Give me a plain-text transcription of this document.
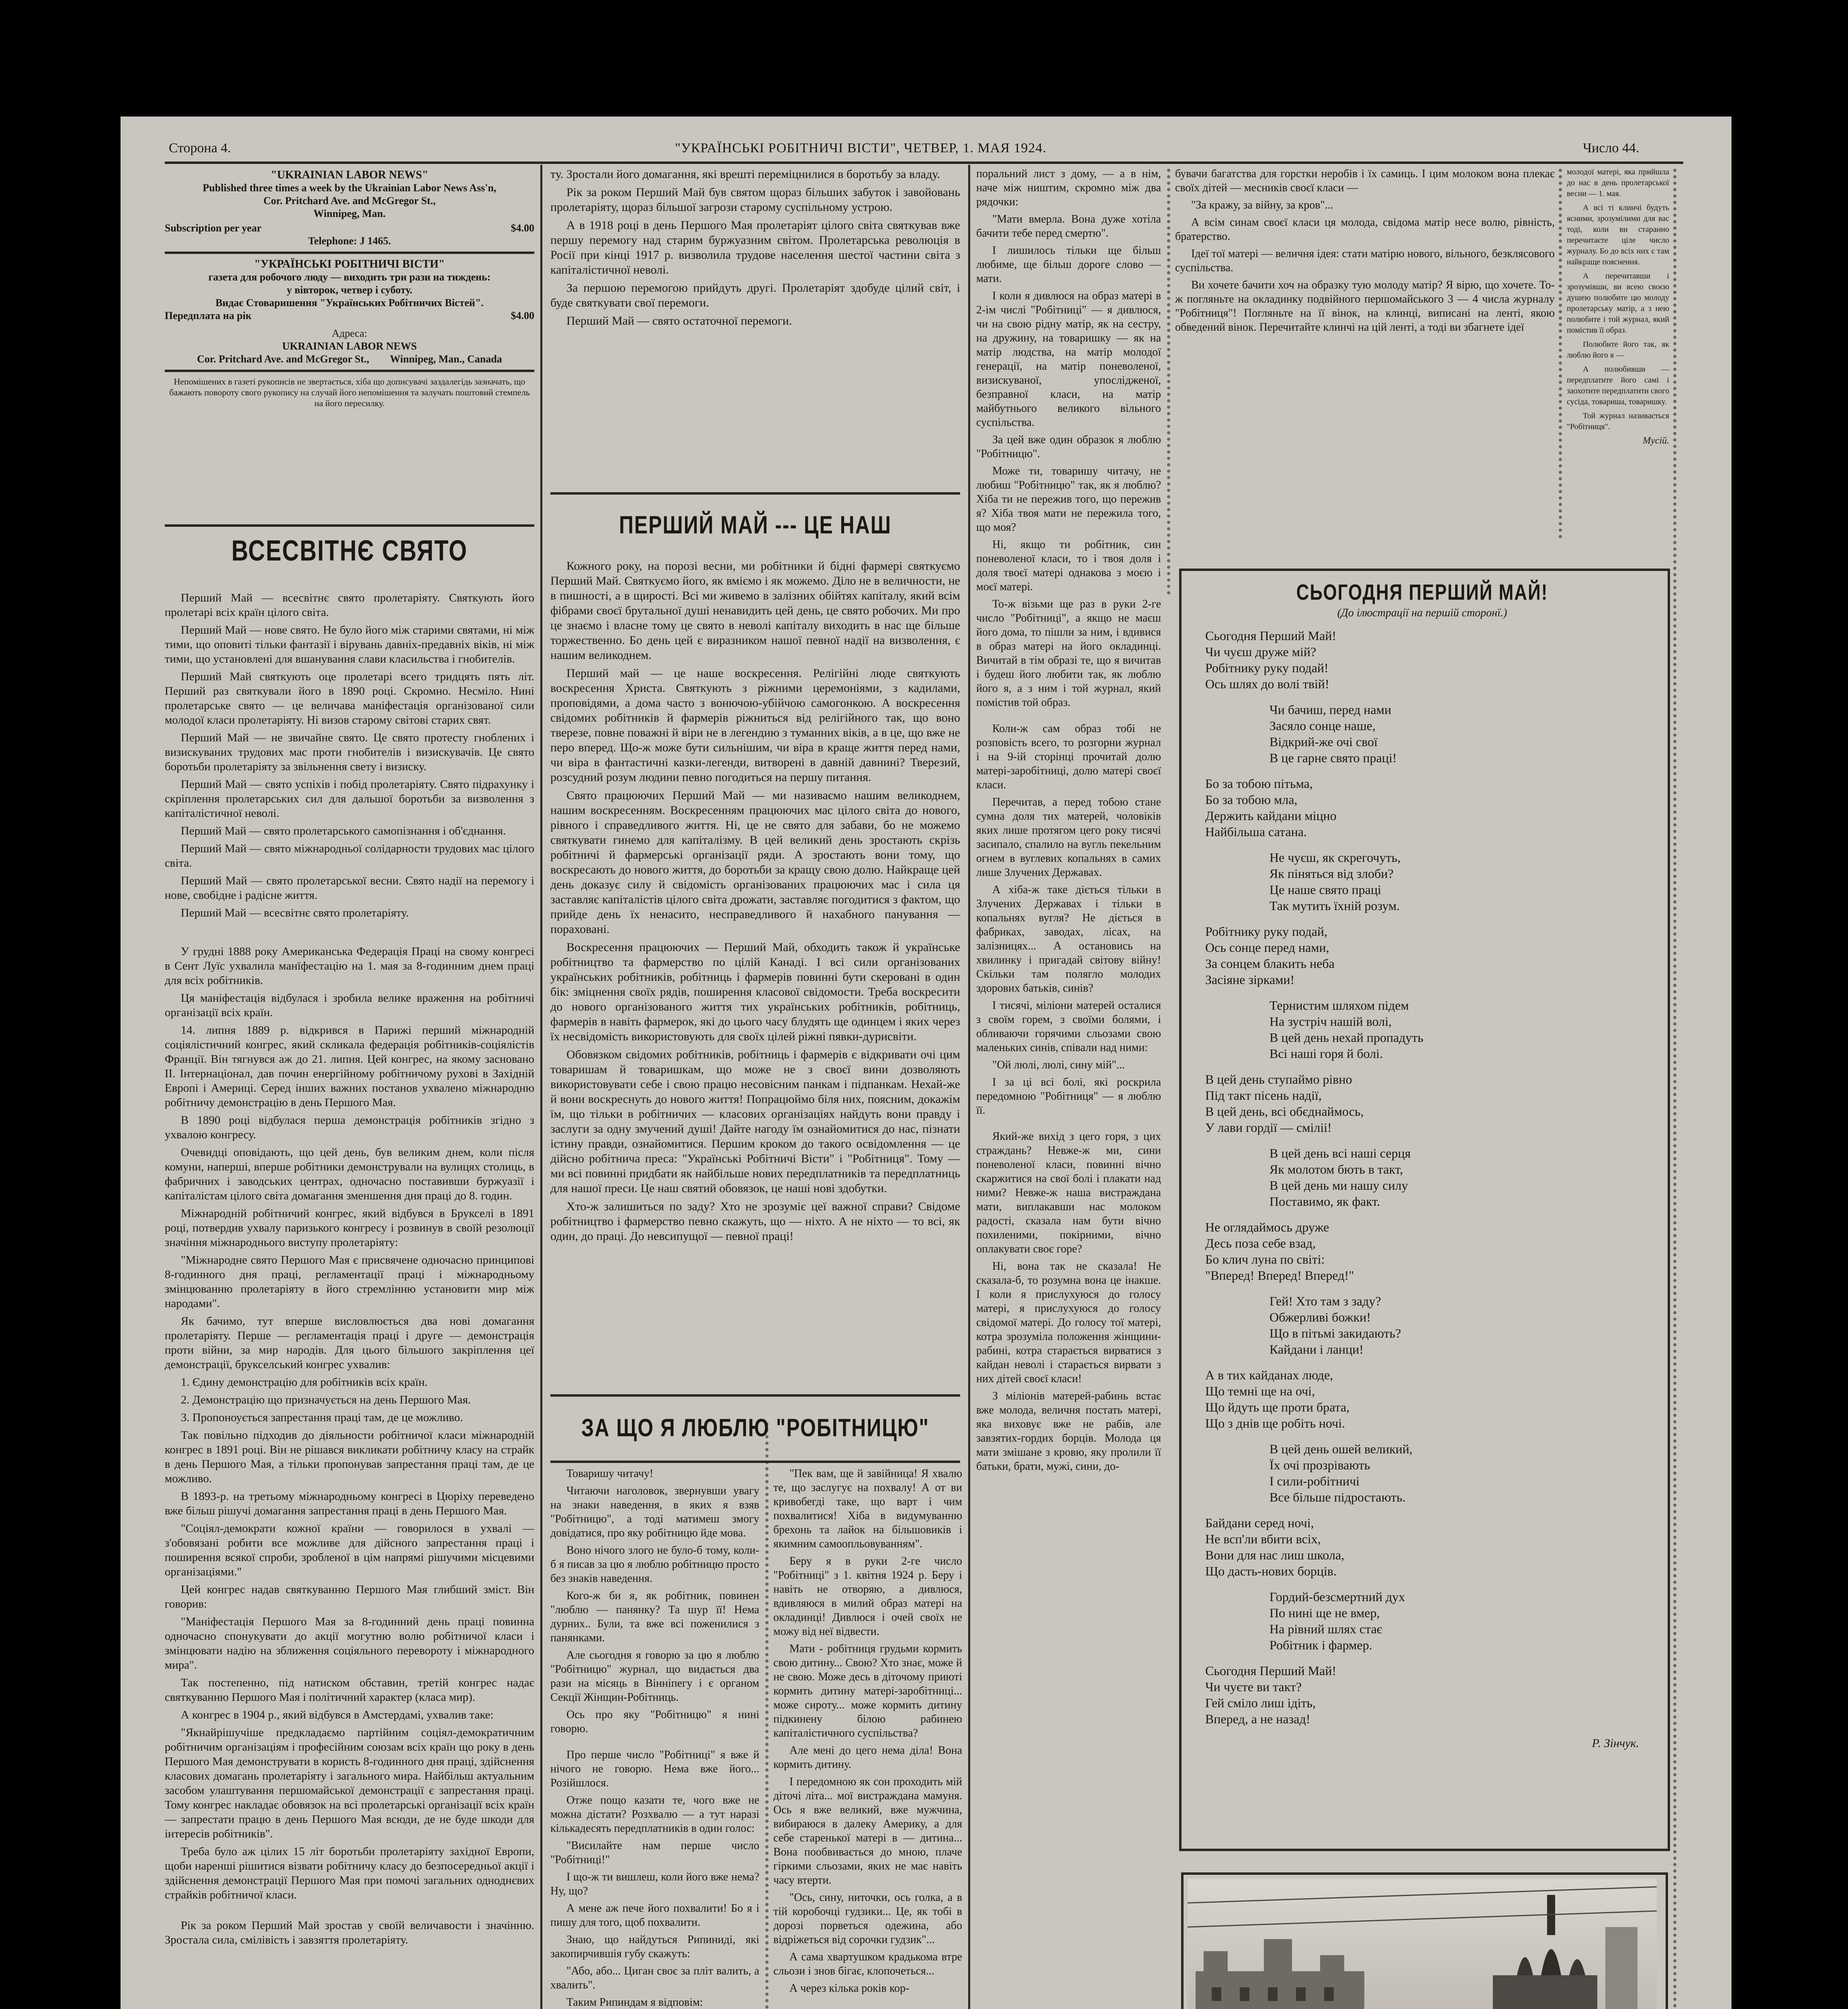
Сторона 4.	"УКРАЇНСЬКІ РОБІТНИЧІ ВІСТИ", ЧЕТВЕР, 1. МАЯ 1924.	Число 44.
"UKRAINIAN LABOR NEWS"
Published three times a week by the Ukrainian Labor News Ass'n,
Cor. Pritchard Ave. and McGregor St.,
Winnipeg, Man.
Subscription per year	$4.00
Telephone: J 1465.
"УКРАЇНСЬКІ РОБІТНИЧІ ВІСТИ"
газета для робочого люду — виходить три рази на тиждень:
у вівторок, четвер і суботу.
Видає Стоваришення "Українських Робітничих Вістей".
Передплата на рік	$4.00
Адреса:
UKRAINIAN LABOR NEWS
Cor. Pritchard Ave. and McGregor St.,        Winnipeg, Man., Canada
Непомішених в газеті рукописів не звертається, хіба що дописувачі заздалегідь зазначать, що бажають повороту свого рукопису на случай його непомішення та залучать поштовий стемпель на його пересилку.
ВСЕСВІТНЄ СВЯТО

Перший Май — всесвітнє свято пролетаріяту. Святкують його пролетарі всіх країн цілого світа.

Перший Май — нове свято. Не було його між старими святами, ні між тими, що оповиті тільки фантазії і вірувань давніх-предавніх віків, ні між тими, що установлені для вшанування слави класильства і гнобителів.

Перший Май святкують оце пролетарі всего тридцять пять літ. Перший раз святкували його в 1890 році. Скромно. Несміло. Нині пролетарське свято — це величава маніфестація організованої сили молодої класи пролетаріяту. Ні визов старому світові старих свят.

Перший Май — не звичайне свято. Це свято протесту гноблених і визискуваних трудових мас проти гнобителів і визискувачів. Це свято боротьби пролетаріяту за звільнення свету і визиску.

Перший Май — свято успіхів і побід пролетаріяту. Свято підрахунку і скріплення пролетарських сил для дальшої боротьби за визволення з капіталістичної неволі.

Перший Май — свято пролетарського самопізнання і об'єднання.

Перший Май — свято міжнародньої солідарности трудових мас цілого світа.

Перший Май — свято пролетарської весни. Свято надії на перемогу і нове, свобідне і радісне життя.

Перший Май — всесвітнє свято пролетаріяту.

У грудні 1888 року Американська Федерація Праці на свому конгресі в Сент Луїс ухвалила манїфестацію на 1. мая за 8-годинним днем праці для всіх робітників.

Ця маніфестація відбулася і зробила велике враження на робітничі організації всіх країн.

14. липня 1889 р. відкрився в Парижі перший міжнародній соціялістичний конгрес, який скликала федерація робітників-соціялістів Франції. Він тягнувся аж до 21. липня. Цей конгрес, на якому засновано II. Інтернаціонал, дав почин енергійному робітничому рухові в Західній Европі і Америці. Серед інших важних постанов ухвалено міжнародню робітничу демонстрацію в день Першого Мая.

В 1890 році відбулася перша демонстрація робітників згідно з ухвалою конгресу.

Очевидці оповідають, що цей день, був великим днем, коли після комуни, наперші, вперше робітники демонстрували на вулицях столиць, в фабричних і заводських центрах, одночасно поставивши буржуазії і капіталістам цілого світа домагання зменшення дня праці до 8. годин.

Міжнародній робітничий конгрес, який відбувся в Брукселі в 1891 році, потвердив ухвалу паризького конгресу і розвинув в своїй резолюції значіння міжнароднього виступу пролетаріяту:

"Міжнародне свято Першого Мая є присвячене одночасно принципові 8-годинного дня праці, регламентації праці і міжнародньому змінцюванню пролетаріяту в його стремлінню установити мир між народами".

Як бачимо, тут вперше висловлюється два нові домагання пролетаріяту. Перше — регламентація праці і друге — демонстрація проти війни, за мир народів. Для цього більшого закріплення цеї демонстрації, брукселський конгрес ухвалив:

1. Єдину демонстрацію для робітників всіх країн.

2. Демонстрацію що призначується на день Першого Мая.

3. Пропоноується запрестання праці там, де це можливо.

Так повільно підходив до діяльности робітничої класи міжнародній конгрес в 1891 році. Він не рішався викликати робітничу класу на страйк в день Першого Мая, а тільки пропонував запрестання праці там, де це можливо.

В 1893-р. на третьому міжнародньому конгресі в Цюріху переведено вже більш рішучі домагання запрестання праці в день Першого Мая.

"Соціял-демократи кожної країни — говорилося в ухвалі — з'обовязані робити все можливе для дійсного запрестання праці і поширення всякої спроби, зробленої в цім напрямі рішучими місцевими організаціями."

Цей конгрес надав святкуванню Першого Мая глибший зміст. Він говорив:

"Маніфестація Першого Мая за 8-годинний день праці повинна одночасно спонукувати до акції могутню волю робітничої класи і змінцювати надію на зближення соціяльного перевороту і міжнародного мира".

Так постепенно, під натиском обставин, третій конгрес надає святкуванню Першого Мая і політичний характер (класа мир).

А конгрес в 1904 р., який відбувся в Амстердамі, ухвалив таке:

"Якнайрішучіше предкладаємо партійним соціял-демократичним робітничим організаціям і професійним союзам всіх країн що року в день Першого Мая демонструвати в користь 8-годинного дня праці, здійснення класових домагань пролетаріяту і загального мира. Найбільш актуальним засобом улаштування першомайської демонстрації є запрестання праці. Тому конгрес накладає обовязок на всі пролетарські організації всіх країн — запрестати працю в день Першого Мая всюди, де не буде шкоди для інтересів робітників".

Треба було аж цілих 15 літ боротьби пролетаріяту західної Европи, щоби наренші рішитися візвати робітничу класу до безпосередньої акції і здійснення демонстрації Першого Мая при помочі загальних одноднєвих страйків робітничої класи.

Рік за роком Перший Май зростав у своїй величавости і значінню. Зростала сила, смілівість і завзяття пролетаріяту.

ту. Зростали його домагання, які врешті переміцнилися в боротьбу за владу.

Рік за роком Перший Май був святом щораз більших забуток і завойовань пролетаріяту, щораз більшої загрози старому суспільному устрою.

А в 1918 році в день Першого Мая пролетаріят цілого світа святкував вже першу перемогу над старим буржуазним світом. Пролетарська революція в Росії при кінці 1917 р. визволила трудове населення шестої частини світа з капіталістичної неволі.

За першою перемогою прийдуть другі. Пролетаріят здобуде цілий світ, і буде святкувати свої перемоги.

Перший Май — свято остаточної перемоги.

ПЕРШИЙ МАЙ --- ЦЕ НАШ

Кожного року, на порозі весни, ми робітники й бідні фармері святкуємо Перший Май. Святкуємо його, як вміємо і як можемо. Діло не в величности, не в пишності, а в щирості. Всі ми живемо в залізних обійтях капіталу, який всім фібрами своєї брутальної душі ненавидить цей день, це свято робочих. Ми про це знаємо і власне тому це свято в неволі капіталу виходить в нас ще більше торжественно. Бо день цей є виразником нашої певної надії на визволення, є нашим великоднем.

Перший май — це наше воскресення. Релігійні люде святкують воскресення Христа. Святкують з ріжними церемоніями, з кадилами, проповідями, а дома часто з вонючою-убійчою самогонкою. А воскресення свідомих робітників й фармерів ріжниться від релігійного так, що воно тверезе, повне поважні й віри не в легендию з туманних віків, а в це, що вже не перо вперед. Що-ж може бути сильнішим, чи віра в краще життя перед нами, чи віра в фантастичні казки-легенди, витворені в давній давнині? Тверезий, розсудний розум людини певно погодиться на першу питання.

Свято працюючих Перший Май — ми називаємо нашим великоднем, нашим воскресенням. Воскресенням працюючих мас цілого світа до нового, рівного і справедливого життя. Ні, це не свято для забави, бо не можемо святкувати гинемо для капіталізму. В цей великий день зростають скрізь робітничі й фармерські організації ряди. А зростають вони тому, що воскресають до нового життя, до боротьби за кращу свою долю. Найкраще цей день доказує силу й свідомість організованих працюючих мас і сила ця заставляє капіталістів цілого світа дрожати, заставляє погодитися з фактом, що прийде день їх ненасито, несправедливого й нахабного панування — пораховані.

Воскресення працюючих — Перший Май, обходить також й українське робітництво та фармерство по цілій Канаді. І всі сили організованих українських робітників, робітниць і фармерів повинні бути скеровані в один бік: зміцнення своїх рядів, поширення класової свідомости. Треба воскресити до нового організованого життя тих українських робітників, робітниць, фармерів в навіть фармерок, які до цього часу блудять ще одинцем і яких через їх несвідомість використовують для своїх цілей ріжні пявки-дурисвіти.

Обовязком свідомих робітників, робітниць і фармерів є відкривати очі цим товаришам й товаришкам, що може не з своєї вини дозволяють використовувати себе і свою працю несовісним панкам і підпанкам. Нехай-же й вони воскреснуть до нового життя! Попрацюймо біля них, поясним, докажім їм, що тільки в робітничих — класових організаціях найдуть вони правду і заслуги за одну змучений душі! Дайте нагоду їм ознайомитися до нас, пізнати істину правди, ознайомитися. Першим кроком до такого освідомлення — це дійсно робітнича преса: "Українські Робітничі Вісти" і "Робітниця". Тому — ми всі повинні придбати як найбільше нових передплатників та передплатниць для нашої преси. Це наш святий обовязок, це наші нові здобутки.

Хто-ж залишиться по заду? Хто не зрозуміє цеї важної справи? Свідоме робітництво і фармерство певно скажуть, що — ніхто. А не ніхто — то всі, як один, до праці. До невсипущої — певної праці!

ЗА ЩО Я ЛЮБЛЮ "РОБІТНИЦЮ"

Товаришу читачу!

Читаючи наголовок, звернувши увагу на знаки наведення, в яких я взяв "Робітницю", а тоді матимеш змогу довідатися, про яку робітницю йде мова.

Воно нічого злого не було-б тому, коли-б я писав за цю я люблю робітницю просто без знаків наведення.

Кого-ж би я, як робітник, повинен "люблю — панянку? Та шур її! Нема дурних.. Були, та вже всі поженилися з панянками.

Але сьогодня я говорю за цю я люблю "Робітницю" журнал, що видається два рази на місяць в Вінніпегу і є органом Секції Жінщин-Робітниць.

Ось про яку "Робітницю" я нині говорю.

Про перше число "Робітниці" я вже й нічого не говорю. Нема вже його... Розійшлося.

Отже пощо казати те, чого вже не можна дістати? Розхвалю — а тут наразі кількадесять передплатників в один голос:

"Висилайте нам перше число "Робітниці!"

І що-ж ти вишлеш, коли його вже нема? Ну, що?

А мене аж пече його похвалити! Бо я і пишу для того, щоб похвалити.

Знаю, що найдуться Рипиниді, які закопирчившія губу скажуть:

"Або, або... Циган своє за пліт валить, а хвалить".

Таким Рипиндам я відповім:

"Пек вам, ще й завійница! Я хвалю те, що заслугує на похвалу! А от ви кривобегді таке, що варт і чим похвалитися! Хіба в видумуванню брехонь та лайок на більшовиків і якимним самоопльовуванням".

Беру я в руки 2-ге число "Робітниці" з 1. квітня 1924 р. Беру і навіть не отворяю, а дивлюся, вдивляюся в милий образ матері на окладинці! Дивлюся і очей своїх не можу від неї відвести.

Мати - робітниця грудьми кормить свою дитину... Свою? Хто знає, може й не свою. Може десь в діточому приюті кормить дитину матері-заробітниці... може сироту... може кормить дитину підкинену білою рабинею капіталістичного суспільства?

Але мені до цего нема діла! Вона кормить дитину.

І передомною як сон проходить мій діточі літа... мої вистраждана мамуня. Ось я вже великий, вже мужчина, вибираюся в далеку Америку, а для себе старенької матері в — дитина... Вона пообвивається до мною, плаче гіркими сльозами, яких не має навіть часу втерти.

"Ось, сину, ниточки, ось голка, а в тій коробочці гудзики... Це, як тобі в дорозі порветься одежина, або відріжеться від сорочки гудзик"...

А сама хвартушком крадькома втре сльози і знов бігає, клопочеться...

А через кілька років кор-

поральний лист з дому, — а в нім, наче між ништим, скромно між два рядочки:

"Мати вмерла. Вона дуже хотіла бачити тебе перед смертю".

І лишилось тільки ще більш любиме, ще більш дороге слово — мати.

І коли я дивлюся на образ матері в 2-ім числі "Робітниці" — я дивлюся, чи на свою рідну матір, як на сестру, на дружину, на товаришку — як на матір людства, на матір молодої генерації, на матір поневоленої, визискуваної, упослідженої, безправної класи, на матір майбутнього великого вільного суспільства.

За цей вже один образок я люблю "Робітницю".

Може ти, товаришу читачу, не любиш "Робітницю" так, як я люблю? Хіба ти не пережив того, що пережив я? Хіба твоя мати не пережила того, що моя?

Ні, якщо ти робітник, син поневоленої класи, то і твоя доля і доля твоєї матері однакова з моєю і моєї матері.

То-ж візьми ще раз в руки 2-ге число "Робітниці", а якщо не маєш його дома, то пішли за ним, і вдивися в образ матері на його окладинці. Вичитай в тім образі те, що я вичитав і будеш його любити так, як люблю його я, а з ним і той журнал, який помістив той образ.

Коли-ж сам образ тобі не розповість всего, то розгорни журнал і на 9-ій сторінці прочитай долю матері-заробітниці, долю матері своєї класи.

Перечитав, а перед тобою стане сумна доля тих матерей, чоловіків яких лише протягом цего року тисячі засипало, спалило на вугль пекельним огнем в вуглевих копальнях в самих лише Злучених Державах.

А хіба-ж таке діється тільки в Злучених Державах і тільки в копальнях вугля? Не діється в фабриках, заводах, лісах, на залізницях... А остановись на хвилинку і пригадай світову війну! Скільки там полягло молодих здорових батьків, синів?

І тисячі, міліони матерей осталися з своїм горем, з своїми болями, і обливаючи горячими сльозами свою маленьких синів, співали над ними:

"Ой люлі, люлі, сину мій"...

І за ці всі болі, які роскрила передомною "Робітниця" — я люблю її.

Який-же вихід з цего горя, з цих страждань? Невже-ж ми, сини поневоленої класи, повинні вічно скаржитися на свої болі і плакати над ними? Невже-ж наша вистраждана мати, виплакавши нас молоком радості, сказала нам бути вічно похиленими, покірними, вічно оплакувати своє горе?

Ні, вона так не сказала! Не сказала-б, то розумна вона це інакше. І коли я прислухуюся до голосу матері, я прислухуюся до голосу свідомої матері. До голосу тої матері, котра зрозуміла положення жінщини-рабині, котра старається вирватися з кайдан неволі і старається вирвати з них дітей своєї класи!

З міліонів матерей-рабинь встає вже молода, величня постать матері, яка виховує вже не рабів, але завзятих-гордих борців. Молода ця мати змішане з кровю, яку пролили її батьки, брати, мужі, сини, до-

бувачи багатства для горстки неробів і їх самиць. І цим молоком вона плекає своїх дітей — месників своєї класи —

"За кражу, за війну, за кров"...

А всім синам своєї класи ця молода, свідома матір несе волю, рівність, братерство.

Ідеї тої матері — величня ідея: стати матірю нового, вільного, безклясового суспільства.

Ви хочете бачити хоч на образку тую молоду матір? Я вірю, що хочете. То-ж погляньте на окладинку подвійного першомайського 3 — 4 числа журналу "Робітниця"! Погляньте на її вінок, на клинці, виписані на ленті, якою обведений вінок. Перечитайте клинчі на цій ленті, а тоді ви збагнете ідеї

молодої матері, яка прийшла до нас в день пролетарської весни — 1. мая.

А всі ті клинчі будуть ясними, зрозумілими для вас тоді, коли ви старанно перечитаєте ціле число журналу. Бо до всіх них є там найкраще пояснення.

А перечитавши і зрозумівши, ви всею своєю душею полюбите цю молоду пролетарську матір, а з нею полюбите і той журнал, який помістив її образ.

Полюбите його так, як люблю його я —

А полюбивши — передплатите його самі і заохотите передплатити свого сусіда, товариша, товаришку.

Той журнал називається "Робітниця".

Мусій.
СЬОГОДНЯ ПЕРШИЙ МАЙ!
(До ілюстрації на першій сторонї.)
Сьогодня Перший Май!
Чи чуєш друже мій?
Робітнику руку подай!
Ось шлях до волі твій!
Чи бачиш, перед нами
Засяло сонце наше,
Відкрий-же очі свої
В це гарне свято праці!
Бо за тобою пітьма,
Бо за тобою мла,
Держить кайдани міцно
Найбільша сатана.
Не чуєш, як скрегочуть,
Як піняться від злоби?
Це наше свято праці
Так мутить їхній розум.
Робітнику руку подай,
Ось сонце перед нами,
За сонцем блакить неба
Засіяне зірками!
Тернистим шляхом підем
На зустріч нашій волі,
В цей день нехай пропадуть
Всі наші горя й болі.
В цей день ступаймо рівно
Під такт пісень надії,
В цей день, всі обєднаймось,
У лави гордії — сміліі!
В цей день всі наші серця
Як молотом бють в такт,
В цей день ми нашу силу
Поставимо, як факт.
Не оглядаймось друже
Десь поза себе взад,
Бо клич луна по світі:
"Вперед! Вперед! Вперед!"
Гей! Хто там з заду?
Обжерливі божки!
Що в пітьмі закидають?
Кайдани і ланци!
А в тих кайданах люде,
Що темні ще на очі,
Що йдуть ще проти брата,
Що з днів ще робіть ночі.
В цей день ошей великий,
Їх очі прозрівають
І сили-робітничі
Все більше підростають.
Байдани серед ночі,
Не всп'ли вбити всіх,
Вони для нас лиш школа,
Що дасть-нових борців.
Гордий-безсмертний дух
По нині ще не вмер,
На рівний шлях стає
Робітник і фармер.
Сьогодня Перший Май!
Чи чуєте ви такт?
Гей сміло лиш ідіть,
Вперед, а не назад!
Р. Зінчук.
